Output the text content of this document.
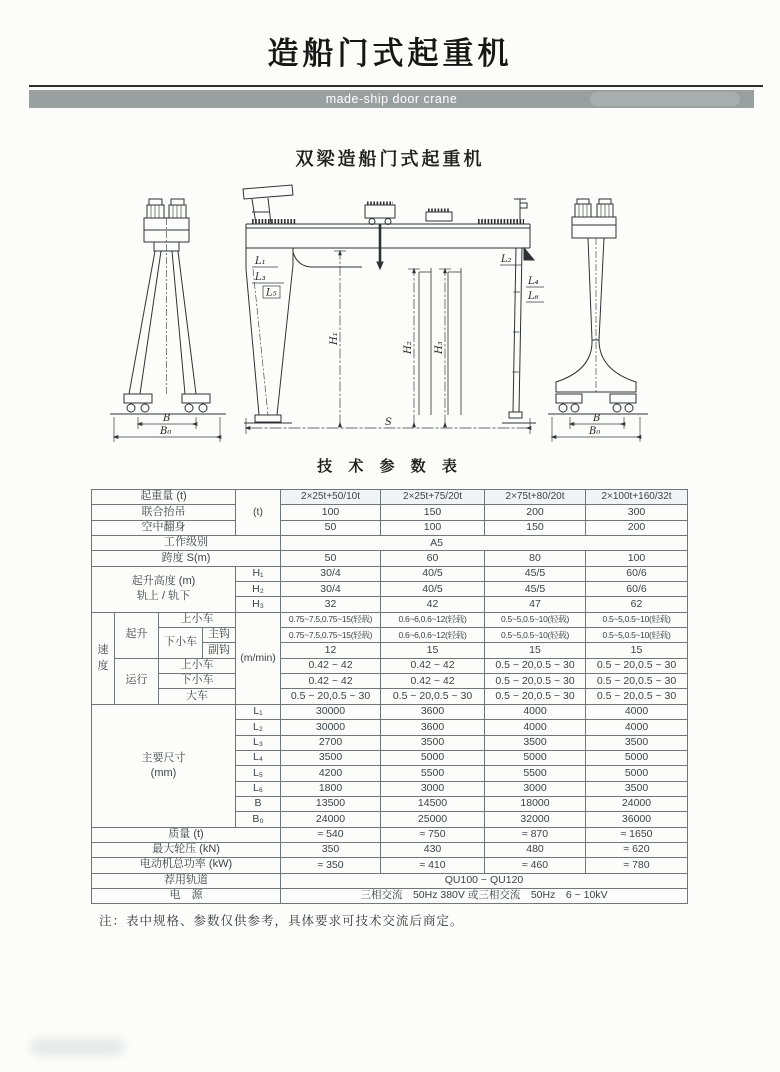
造船门式起重机
made-ship door crane
双梁造船门式起重机
B
B₀
L₁
L₃
L₅
L₂
L₄
L₆
H₁
H₂ H₃
S	B
B₀
技 术 参 数 表
起重量 (t)				(t)	2×25t+50/10t	2×25t+75/20t	2×75t+80/20t	2×100t+160/32t
联合抬吊					100	150	200	300
空中翻身					50	100	150	200
工作级别					A5			
跨度 S(m)					50	60	80	100
起升高度 (m)
轨上 / 轨下				H₁	30/4	40/5	45/5	60/6
				H₂	30/4	40/5	45/5	60/6
				H₃	32	42	47	62
速度	起升	上小车		(m/min)	0.75~7.5,0.75~15(轻载)	0.6~6,0.6~12(轻载)	0.5~5,0.5~10(轻载)	0.5~5,0.5~10(轻载)
		下小车	主钩		0.75~7.5,0.75~15(轻载)	0.6~6,0.6~12(轻载)	0.5~5,0.5~10(轻载)	0.5~5,0.5~10(轻载)
			副钩		12	15	15	15
	运行	上小车			0.42 ~ 42	0.42 ~ 42	0.5 ~ 20,0.5 ~ 30	0.5 ~ 20,0.5 ~ 30
		下小车			0.42 ~ 42	0.42 ~ 42	0.5 ~ 20,0.5 ~ 30	0.5 ~ 20,0.5 ~ 30
		大车			0.5 ~ 20,0.5 ~ 30	0.5 ~ 20,0.5 ~ 30	0.5 ~ 20,0.5 ~ 30	0.5 ~ 20,0.5 ~ 30
主要尺寸
(mm)				L₁	30000	3600	4000	4000
				L₂	30000	3600	4000	4000
				L₃	2700	3500	3500	3500
				L₄	3500	5000	5000	5000
				L₅	4200	5500	5500	5000
				L₆	1800	3000	3000	3500
				B	13500	14500	18000	24000
				B₀	24000	25000	32000	36000
质量 (t)					≈ 540	≈ 750	≈ 870	≈ 1650
最大轮压 (kN)					350	430	480	≈ 620
电动机总功率 (kW)					≈ 350	≈ 410	≈ 460	≈ 780
荐用轨道					QU100 ~ QU120			
电　源					三相交流　50Hz 380V 或三相交流　50Hz　6 ~ 10kV			
注：表中规格、参数仅供参考，具体要求可技术交流后商定。
